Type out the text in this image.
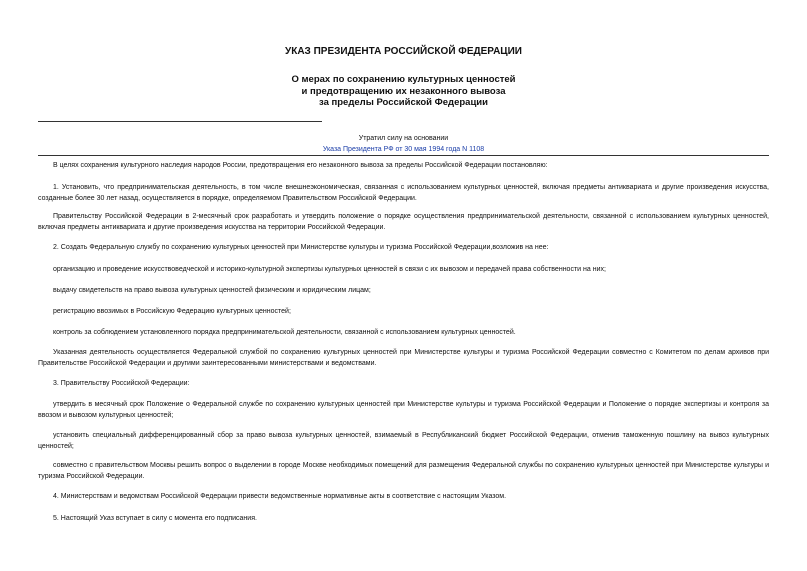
УКАЗ ПРЕЗИДЕНТА РОССИЙСКОЙ ФЕДЕРАЦИИ
О мерах по сохранению культурных ценностей
и предотвращению их незаконного вывоза
за пределы Российской Федерации
Утратил силу на основании
Указа Президента РФ от 30 мая 1994 года N 1108

В целях сохранения культурного наследия народов России, предотвращения его незаконного вывоза за пределы Российской Федерации постановляю:

1. Установить, что предпринимательская деятельность, в том числе внешнеэкономическая, связанная с использованием культурных ценностей, включая предметы антиквариата и другие произведения искусства, созданные более 30 лет назад, осуществляется в порядке, определяемом Правительством Российской Федерации.

Правительству Российской Федерации в 2-месячный срок разработать и утвердить положение о порядке осуществления предпринимательской деятельности, связанной с использованием культурных ценностей, включая предметы антиквариата и другие произведения искусства на территории Российской Федерации.

2. Создать Федеральную службу по сохранению культурных ценностей при Министерстве культуры и туризма Российской Федерации,возложив на нее:

организацию и проведение искусствоведческой и историко-культурной экспертизы культурных ценностей в связи с их вывозом и передачей права собственности на них;

выдачу свидетельств на право вывоза культурных ценностей физическим и юридическим лицам;

регистрацию ввозимых в Российскую Федерацию культурных ценностей;

контроль за соблюдением установленного порядка предпринимательской деятельности, связанной с использованием культурных ценностей.

Указанная деятельность осуществляется Федеральной службой по сохранению культурных ценностей при Министерстве культуры и туризма Российской Федерации совместно с Комитетом по делам архивов при Правительстве Российской Федерации и другими заинтересованными министерствами и ведомствами.

3. Правительству Российской Федерации:

утвердить в месячный срок Положение о Федеральной службе по сохранению культурных ценностей при Министерстве культуры и туризма Российской Федерации и Положение о порядке экспертизы и контроля за ввозом и вывозом культурных ценностей;

установить специальный дифференцированный сбор за право вывоза культурных ценностей, взимаемый в Республиканский бюджет Российской Федерации, отменив таможенную пошлину на вывоз культурных ценностей;

совместно с правительством Москвы решить вопрос о выделении в городе Москве необходимых помещений для размещения Федеральной службы по сохранению культурных ценностей при Министерстве культуры и туризма Российской Федерации.

4. Министерствам и ведомствам Российской Федерации привести ведомственные нормативные акты в соответствие с настоящим Указом.

5. Настоящий Указ вступает в силу с момента его подписания.
